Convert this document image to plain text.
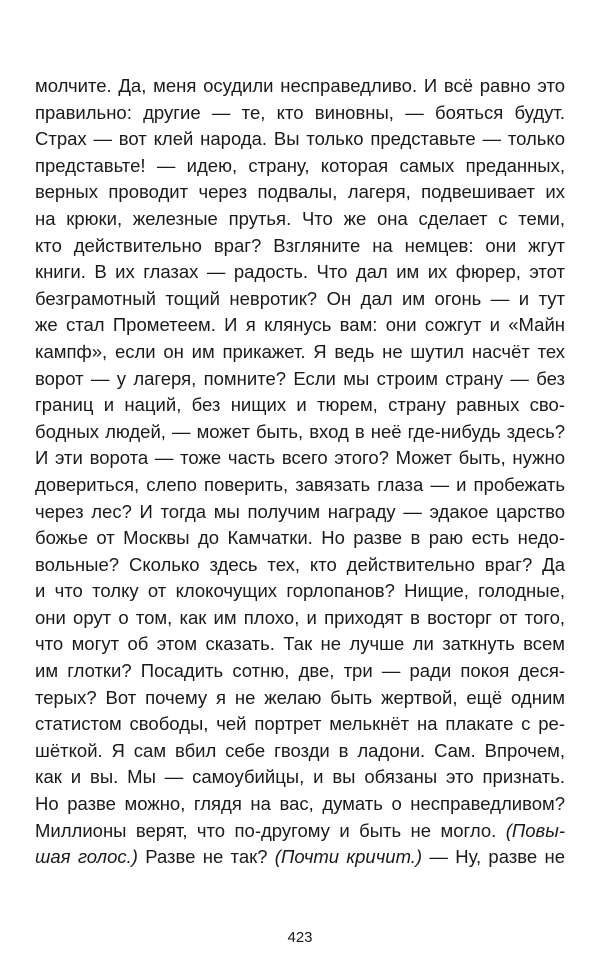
молчите. Да, меня осудили несправедливо. И всё равно это
правильно: другие — те, кто виновны, — бояться будут.
Страх — вот клей народа. Вы только представьте — только
представьте! — идею, страну, которая самых преданных,
верных проводит через подвалы, лагеря, подвешивает их
на крюки, железные прутья. Что же она сделает с теми,
кто действительно враг? Взгляните на немцев: они жгут
книги. В их глазах — радость. Что дал им их фюрер, этот
безграмотный тощий невротик? Он дал им огонь — и тут
же стал Прометеем. И я клянусь вам: они сожгут и «Майн
кампф», если он им прикажет. Я ведь не шутил насчёт тех
ворот — у лагеря, помните? Если мы строим страну — без
границ и наций, без нищих и тюрем, страну равных сво-
бодных людей, — может быть, вход в неё где-нибудь здесь?
И эти ворота — тоже часть всего этого? Может быть, нужно
довериться, слепо поверить, завязать глаза — и пробежать
через лес? И тогда мы получим награду — эдакое царство
божье от Москвы до Камчатки. Но разве в раю есть недо-
вольные? Сколько здесь тех, кто действительно враг? Да
и что толку от клокочущих горлопанов? Нищие, голодные,
они орут о том, как им плохо, и приходят в восторг от того,
что могут об этом сказать. Так не лучше ли заткнуть всем
им глотки? Посадить сотню, две, три — ради покоя деся-
терых? Вот почему я не желаю быть жертвой, ещё одним
статистом свободы, чей портрет мелькнёт на плакате с ре-
шёткой. Я сам вбил себе гвозди в ладони. Сам. Впрочем,
как и вы. Мы — самоубийцы, и вы обязаны это признать.
Но разве можно, глядя на вас, думать о несправедливом?
Миллионы верят, что по-другому и быть не могло. (Повы-
шая голос.) Разве не так? (Почти кричит.) — Ну, разве не
423
